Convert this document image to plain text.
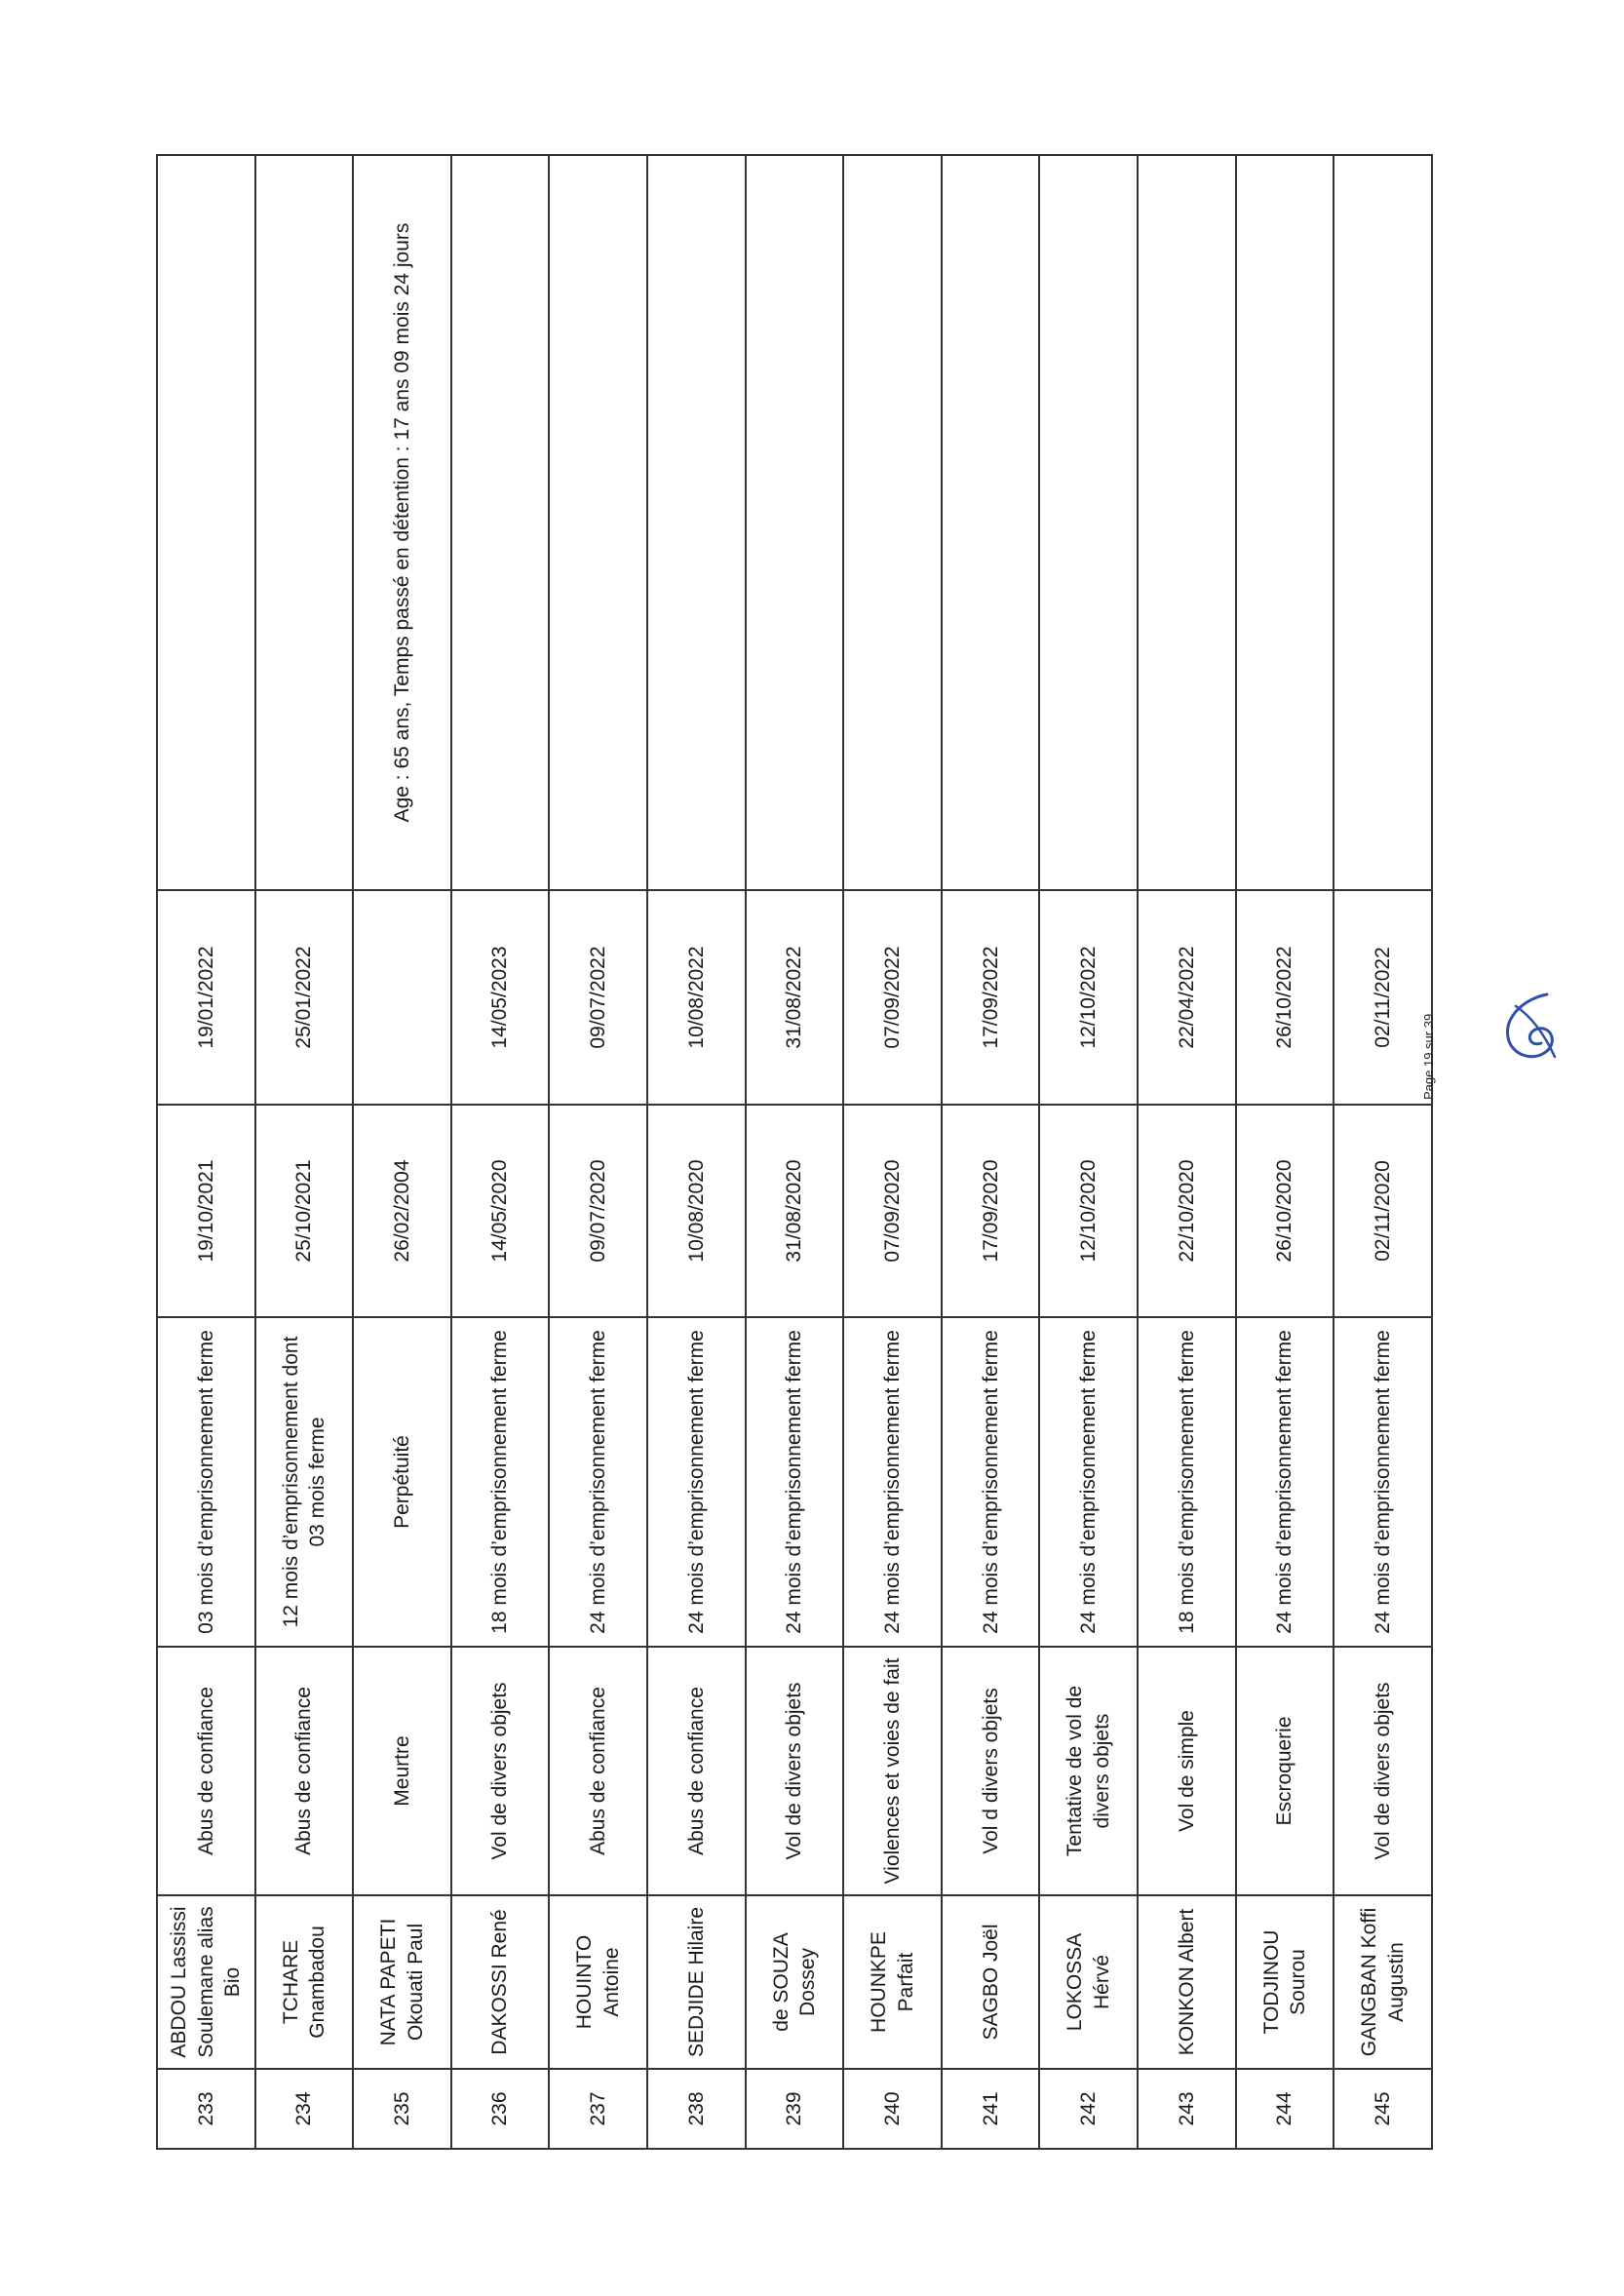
233	ABDOU Lassissi Soulemane alias Bio	Abus de confiance	03 mois d’emprisonnement ferme	19/10/2021	19/01/2022	
234	TCHARE Gnambadou	Abus de confiance	12 mois d’emprisonnement dont 03 mois ferme	25/10/2021	25/01/2022	
235	NATA PAPETI Okouati Paul	Meurtre	Perpétuité	26/02/2004		Age : 65 ans, Temps passé en détention : 17 ans 09 mois 24 jours
236	DAKOSSI René	Vol de divers objets	18 mois d’emprisonnement ferme	14/05/2020	14/05/2023	
237	HOUINTO Antoine	Abus de confiance	24 mois d’emprisonnement ferme	09/07/2020	09/07/2022	
238	SEDJIDE Hilaire	Abus de confiance	24 mois d’emprisonnement ferme	10/08/2020	10/08/2022	
239	de SOUZA Dossey	Vol de divers objets	24 mois d’emprisonnement ferme	31/08/2020	31/08/2022	
240	HOUNKPE Parfait	Violences et voies de fait	24 mois d’emprisonnement ferme	07/09/2020	07/09/2022	
241	SAGBO Joël	Vol d divers objets	24 mois d’emprisonnement ferme	17/09/2020	17/09/2022	
242	LOKOSSA Hérvé	Tentative de vol de divers objets	24 mois d’emprisonnement ferme	12/10/2020	12/10/2022	
243	KONKON Albert	Vol de simple	18 mois d’emprisonnement ferme	22/10/2020	22/04/2022	
244	TODJINOU Sourou	Escroquerie	24 mois d’emprisonnement ferme	26/10/2020	26/10/2022	
245	GANGBAN Koffi Augustin	Vol de divers objets	24 mois d’emprisonnement ferme	02/11/2020	02/11/2022	
Page 19 sur 39
